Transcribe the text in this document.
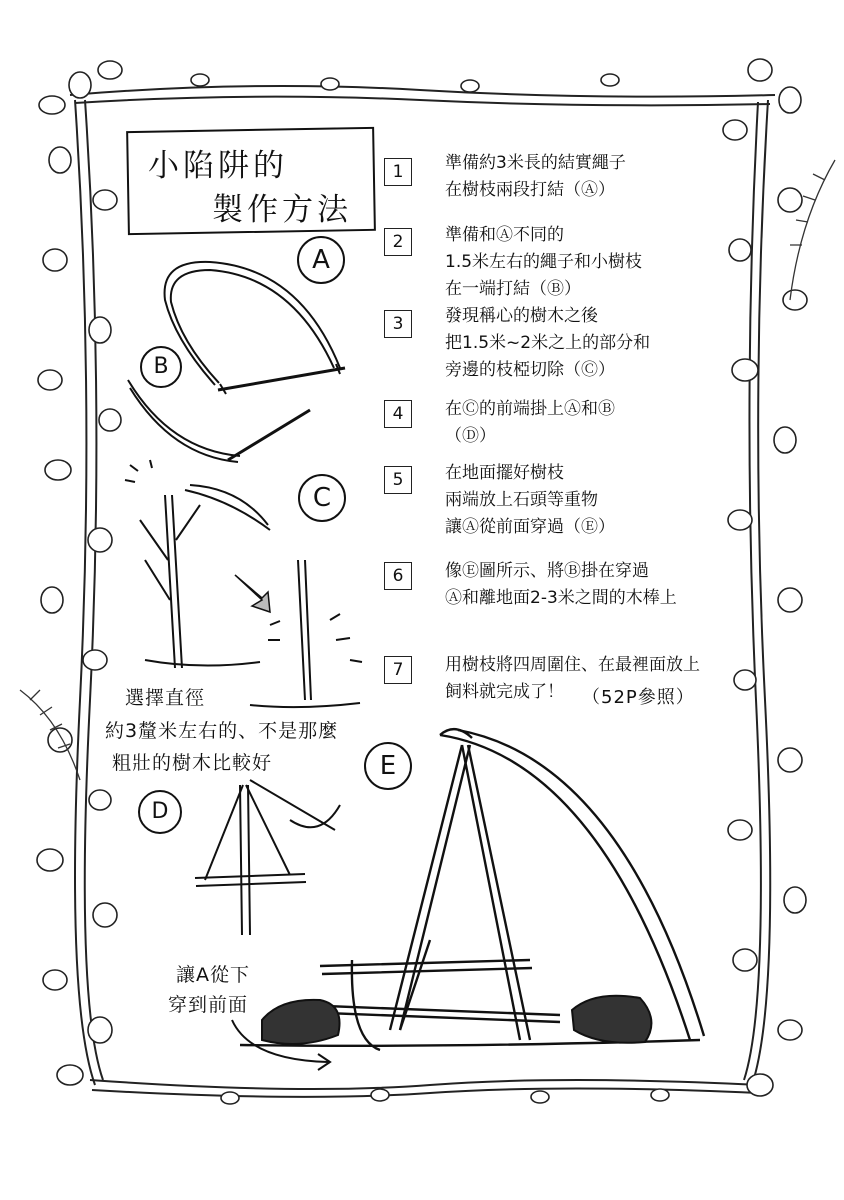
小陷阱的
製作方法
1	準備約3米長的結實繩子
在樹枝兩段打結（Ⓐ）
2	準備和Ⓐ不同的
1.5米左右的繩子和小樹枝
在一端打結（Ⓑ）
3	發現稱心的樹木之後
把1.5米~2米之上的部分和
旁邊的枝椏切除（Ⓒ）
4	在Ⓒ的前端掛上Ⓐ和Ⓑ
（Ⓓ）
5	在地面擺好樹枝
兩端放上石頭等重物
讓Ⓐ從前面穿過（Ⓔ）
6	像Ⓔ圖所示、將Ⓑ掛在穿過
Ⓐ和離地面2-3米之間的木棒上
7	用樹枝將四周圍住、在最裡面放上
飼料就完成了！	（52P參照）
A
B
C
D
E
選擇直徑
約3釐米左右的、不是那麼
粗壯的樹木比較好
讓A從下
穿到前面
